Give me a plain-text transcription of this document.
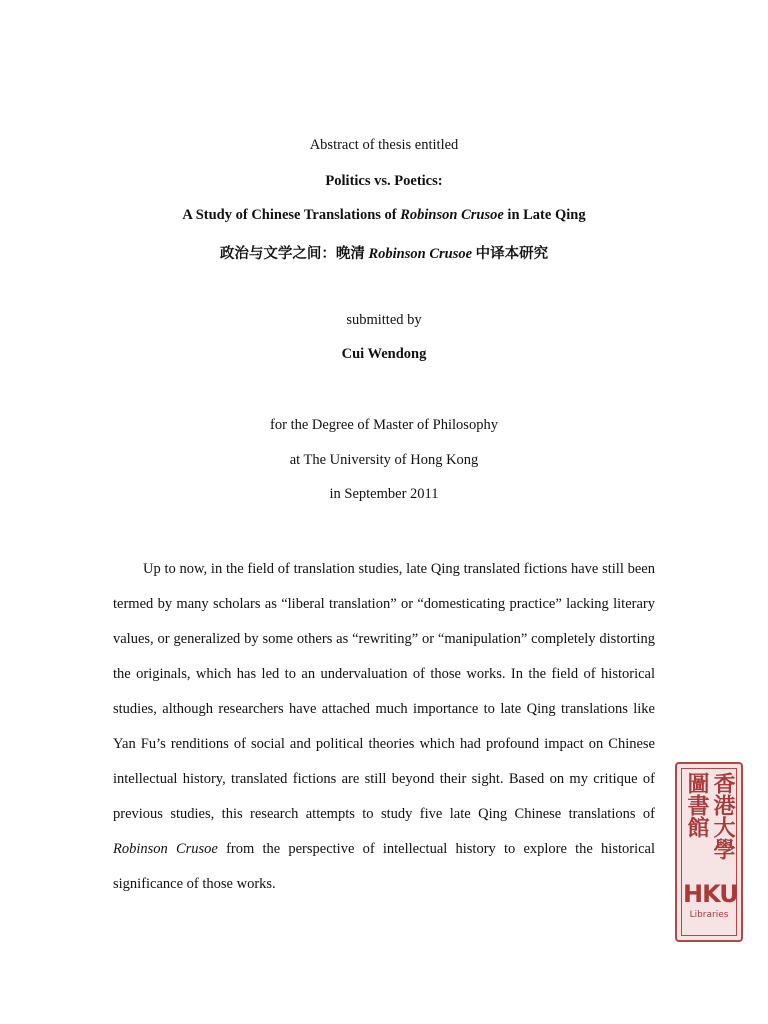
Abstract of thesis entitled
Politics vs. Poetics:
A Study of Chinese Translations of Robinson Crusoe in Late Qing
政治与文学之间：晚清 Robinson Crusoe 中译本研究
submitted by
Cui Wendong
for the Degree of Master of Philosophy
at The University of Hong Kong
in September 2011

Up to now, in the field of translation studies, late Qing translated fictions have still been termed by many scholars as “liberal translation” or “domesticating practice” lacking literary values, or generalized by some others as “rewriting” or “manipulation” completely distorting the originals, which has led to an undervaluation of those works. In the field of historical studies, although researchers have attached much importance to late Qing translations like Yan Fu’s renditions of social and political theories which had profound impact on Chinese intellectual history, translated fictions are still beyond their sight. Based on my critique of previous studies, this research attempts to study five late Qing Chinese translations of Robinson Crusoe from the perspective of intellectual history to explore the historical significance of those works.

香港大學
圖書館
HKU
Libraries
